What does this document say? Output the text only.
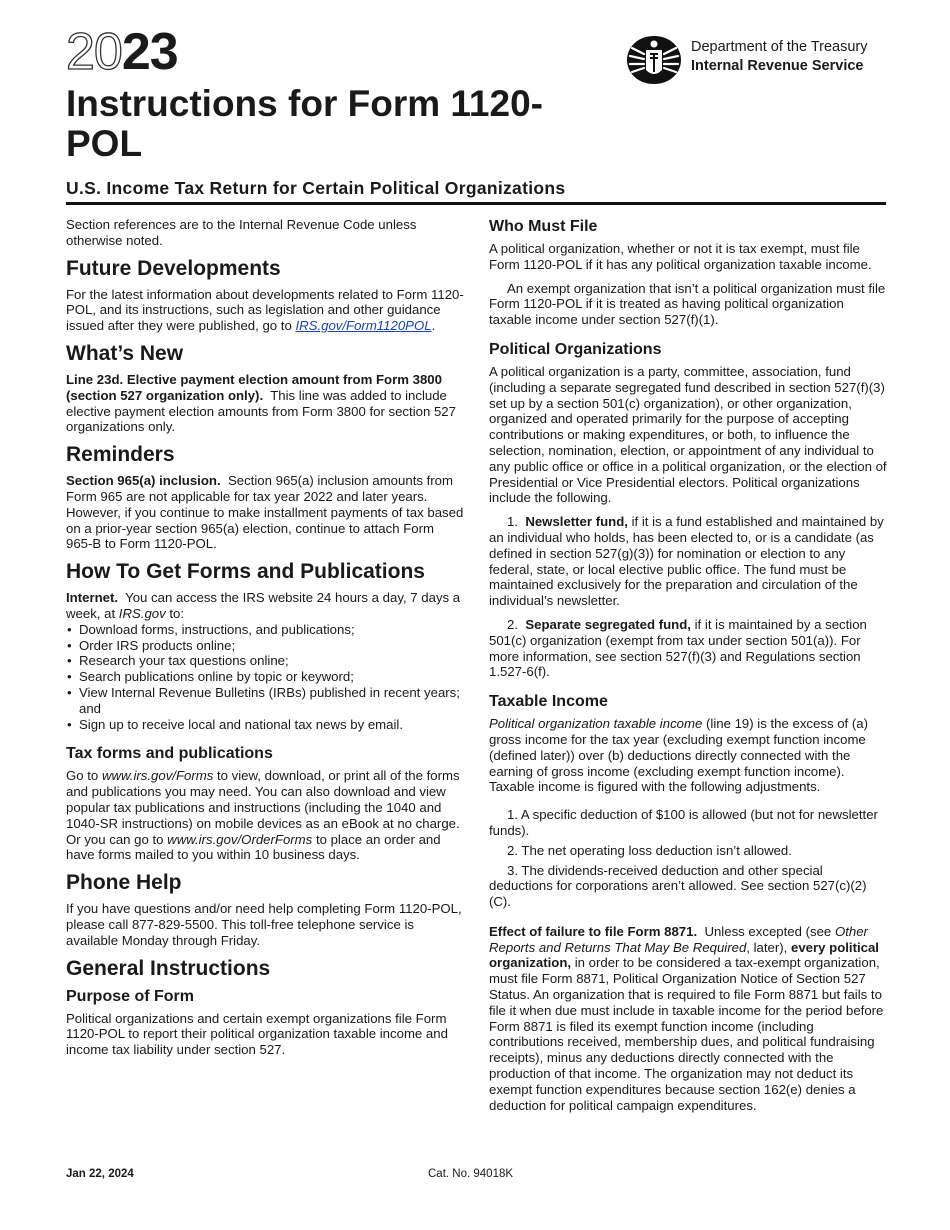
2023
Instructions for Form 1120-POL
Department of the Treasury
Internal Revenue Service
U.S. Income Tax Return for Certain Political Organizations

Section references are to the Internal Revenue Code unless otherwise noted.

Future Developments

For the latest information about developments related to Form 1120-POL, and its instructions, such as legislation and other guidance issued after they were published, go to IRS.gov/Form1120POL.

What’s New

Line 23d. Elective payment election amount from Form 3800 (section 527 organization only). This line was added to include elective payment election amounts from Form 3800 for section 527 organizations only.

Reminders

Section 965(a) inclusion. Section 965(a) inclusion amounts from Form 965 are not applicable for tax year 2022 and later years. However, if you continue to make installment payments of tax based on a prior-year section 965(a) election, continue to attach Form 965-B to Form 1120-POL.

How To Get Forms and Publications

Internet. You can access the IRS website 24 hours a day, 7 days a week, at IRS.gov to:

• Download forms, instructions, and publications;
• Order IRS products online;
• Research your tax questions online;
• Search publications online by topic or keyword;
• View Internal Revenue Bulletins (IRBs) published in recent years; and
• Sign up to receive local and national tax news by email.
Tax forms and publications

Go to www.irs.gov/Forms to view, download, or print all of the forms and publications you may need. You can also download and view popular tax publications and instructions (including the 1040 and 1040-SR instructions) on mobile devices as an eBook at no charge. Or you can go to www.irs.gov/OrderForms to place an order and have forms mailed to you within 10 business days.

Phone Help

If you have questions and/or need help completing Form 1120-POL, please call 877-829-5500. This toll-free telephone service is available Monday through Friday.

General Instructions
Purpose of Form

Political organizations and certain exempt organizations file Form 1120-POL to report their political organization taxable income and income tax liability under section 527.

Who Must File

A political organization, whether or not it is tax exempt, must file Form 1120-POL if it has any political organization taxable income.

An exempt organization that isn’t a political organization must file Form 1120-POL if it is treated as having political organization taxable income under section 527(f)(1).

Political Organizations

A political organization is a party, committee, association, fund (including a separate segregated fund described in section 527(f)(3) set up by a section 501(c) organization), or other organization, organized and operated primarily for the purpose of accepting contributions or making expenditures, or both, to influence the selection, nomination, election, or appointment of any individual to any public office or office in a political organization, or the election of Presidential or Vice Presidential electors. Political organizations include the following.

1. Newsletter fund, if it is a fund established and maintained by an individual who holds, has been elected to, or is a candidate (as defined in section 527(g)(3)) for nomination or election to any federal, state, or local elective public office. The fund must be maintained exclusively for the preparation and circulation of the individual’s newsletter.

2. Separate segregated fund, if it is maintained by a section 501(c) organization (exempt from tax under section 501(a)). For more information, see section 527(f)(3) and Regulations section 1.527-6(f).

Taxable Income

Political organization taxable income (line 19) is the excess of (a) gross income for the tax year (excluding exempt function income (defined later)) over (b) deductions directly connected with the earning of gross income (excluding exempt function income). Taxable income is figured with the following adjustments.

1. A specific deduction of $100 is allowed (but not for newsletter funds).

2. The net operating loss deduction isn’t allowed.

3. The dividends-received deduction and other special deductions for corporations aren’t allowed. See section 527(c)(2)(C).

Effect of failure to file Form 8871. Unless excepted (see Other Reports and Returns That May Be Required, later), every political organization, in order to be considered a tax-exempt organization, must file Form 8871, Political Organization Notice of Section 527 Status. An organization that is required to file Form 8871 but fails to file it when due must include in taxable income for the period before Form 8871 is filed its exempt function income (including contributions received, membership dues, and political fundraising receipts), minus any deductions directly connected with the production of that income. The organization may not deduct its exempt function expenditures because section 162(e) denies a deduction for political campaign expenditures.

Jan 22, 2024	Cat. No. 94018K
